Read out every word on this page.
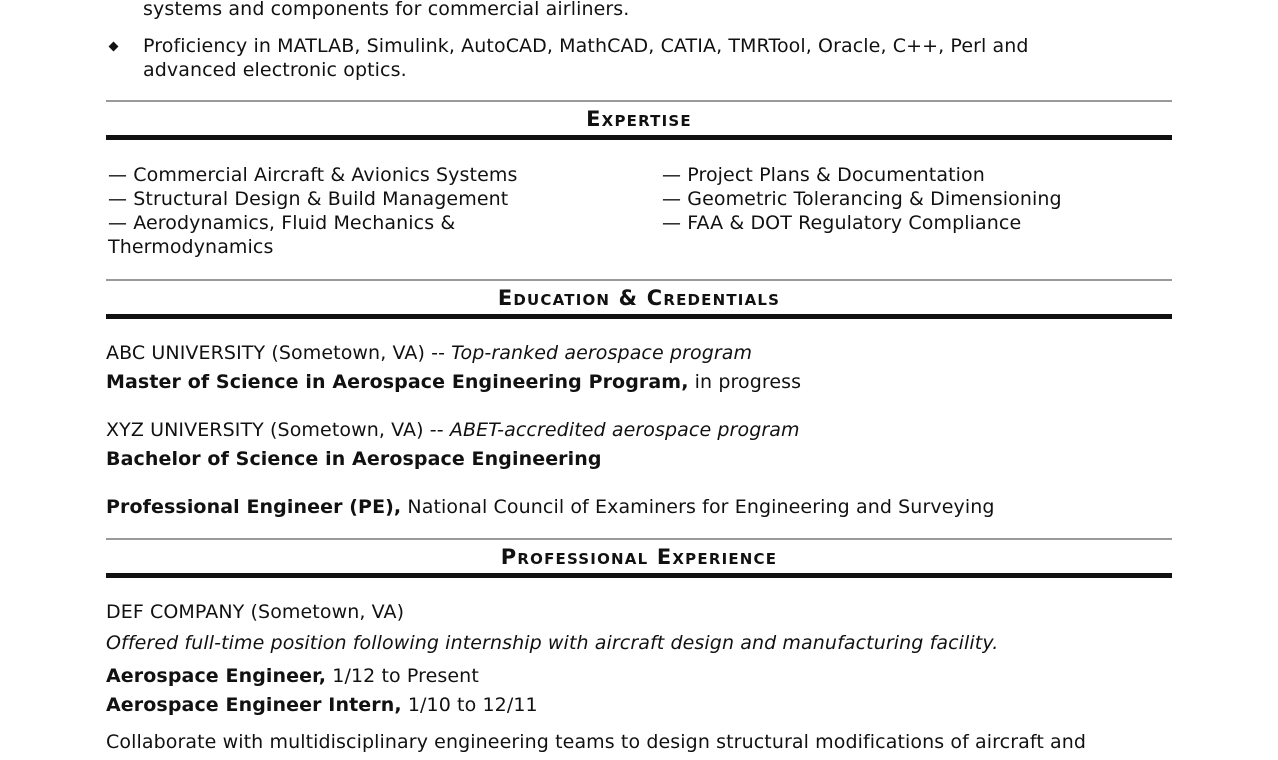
systems and components for commercial airliners.
Proficiency in MATLAB, Simulink, AutoCAD, MathCAD, CATIA, TMRTool, Oracle, C++, Perl and
advanced electronic optics.
Expertise
— Commercial Aircraft & Avionics Systems
— Structural Design & Build Management
— Aerodynamics, Fluid Mechanics &
Thermodynamics
— Project Plans & Documentation
— Geometric Tolerancing & Dimensioning
— FAA & DOT Regulatory Compliance
Education & Credentials
ABC UNIVERSITY (Sometown, VA) -- Top-ranked aerospace program
Master of Science in Aerospace Engineering Program, in progress
XYZ UNIVERSITY (Sometown, VA) -- ABET-accredited aerospace program
Bachelor of Science in Aerospace Engineering
Professional Engineer (PE), National Council of Examiners for Engineering and Surveying
Professional Experience
DEF COMPANY (Sometown, VA)
Offered full-time position following internship with aircraft design and manufacturing facility.
Aerospace Engineer, 1/12 to Present
Aerospace Engineer Intern, 1/10 to 12/11
Collaborate with multidisciplinary engineering teams to design structural modifications of aircraft and
